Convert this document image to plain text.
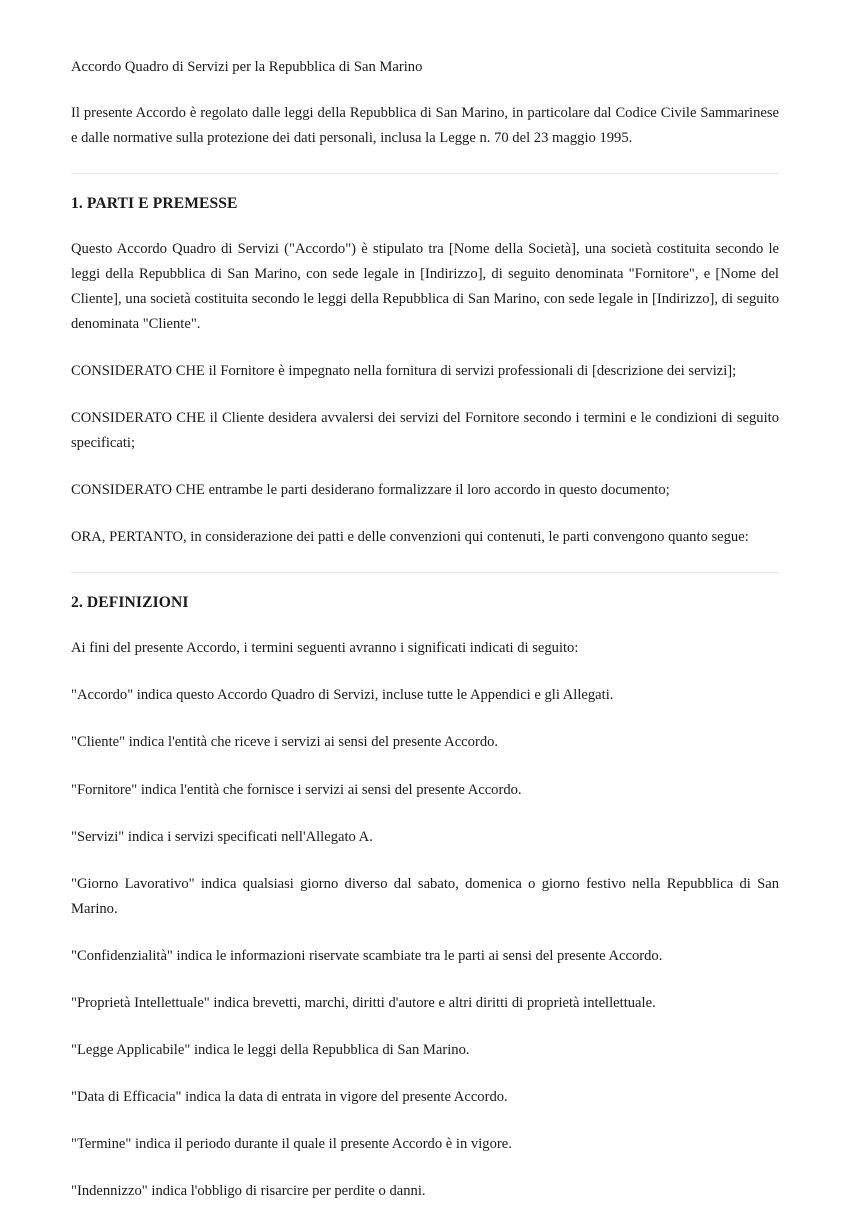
Accordo Quadro di Servizi per la Repubblica di San Marino

Il presente Accordo è regolato dalle leggi della Repubblica di San Marino, in particolare dal Codice Civile Sammarinese e dalle normative sulla protezione dei dati personali, inclusa la Legge n. 70 del 23 maggio 1995.

1. PARTI E PREMESSE

Questo Accordo Quadro di Servizi ("Accordo") è stipulato tra [Nome della Società], una società costituita secondo le leggi della Repubblica di San Marino, con sede legale in [Indirizzo], di seguito denominata "Fornitore", e [Nome del Cliente], una società costituita secondo le leggi della Repubblica di San Marino, con sede legale in [Indirizzo], di seguito denominata "Cliente".

CONSIDERATO CHE il Fornitore è impegnato nella fornitura di servizi professionali di [descrizione dei servizi];

CONSIDERATO CHE il Cliente desidera avvalersi dei servizi del Fornitore secondo i termini e le condizioni di seguito specificati;

CONSIDERATO CHE entrambe le parti desiderano formalizzare il loro accordo in questo documento;

ORA, PERTANTO, in considerazione dei patti e delle convenzioni qui contenuti, le parti convengono quanto segue:

2. DEFINIZIONI

Ai fini del presente Accordo, i termini seguenti avranno i significati indicati di seguito:

"Accordo" indica questo Accordo Quadro di Servizi, incluse tutte le Appendici e gli Allegati.

"Cliente" indica l'entità che riceve i servizi ai sensi del presente Accordo.

"Fornitore" indica l'entità che fornisce i servizi ai sensi del presente Accordo.

"Servizi" indica i servizi specificati nell'Allegato A.

"Giorno Lavorativo" indica qualsiasi giorno diverso dal sabato, domenica o giorno festivo nella Repubblica di San Marino.

"Confidenzialità" indica le informazioni riservate scambiate tra le parti ai sensi del presente Accordo.

"Proprietà Intellettuale" indica brevetti, marchi, diritti d'autore e altri diritti di proprietà intellettuale.

"Legge Applicabile" indica le leggi della Repubblica di San Marino.

"Data di Efficacia" indica la data di entrata in vigore del presente Accordo.

"Termine" indica il periodo durante il quale il presente Accordo è in vigore.

"Indennizzo" indica l'obbligo di risarcire per perdite o danni.
